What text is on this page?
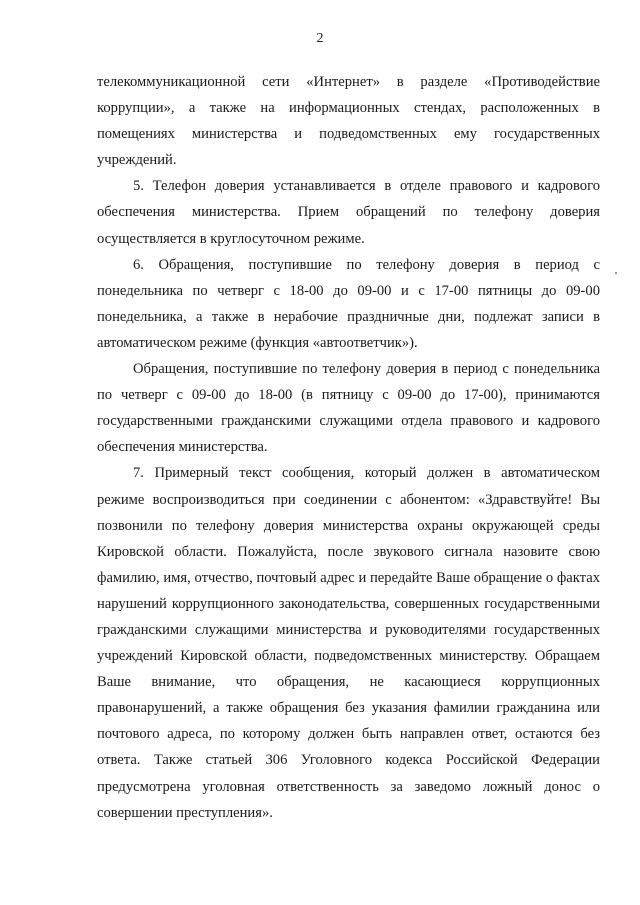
2

телекоммуникационной сети «Интернет» в разделе «Противодействие коррупции», а также на информационных стендах, расположенных в помещениях министерства и подведомственных ему государственных учреждений.

5. Телефон доверия устанавливается в отделе правового и кадрового обеспечения министерства. Прием обращений по телефону доверия осуществляется в круглосуточном режиме.

6. Обращения, поступившие по телефону доверия в период с понедельника по четверг с 18-00 до 09-00 и с 17-00 пятницы до 09-00 понедельника, а также в нерабочие праздничные дни, подлежат записи в автоматическом режиме (функция «автоответчик»).

Обращения, поступившие по телефону доверия в период с понедельника по четверг с 09-00 до 18-00 (в пятницу с 09-00 до 17-00), принимаются государственными гражданскими служащими отдела правового и кадрового обеспечения министерства.

7. Примерный текст сообщения, который должен в автоматическом режиме воспроизводиться при соединении с абонентом: «Здравствуйте! Вы позвонили по телефону доверия министерства охраны окружающей среды Кировской области. Пожалуйста, после звукового сигнала назовите свою фамилию, имя, отчество, почтовый адрес и передайте Ваше обращение о фактах нарушений коррупционного законодательства, совершенных государственными гражданскими служащими министерства и руководителями государственных учреждений Кировской области, подведомственных министерству. Обращаем Ваше внимание, что обращения, не касающиеся коррупционных правонарушений, а также обращения без указания фамилии гражданина или почтового адреса, по которому должен быть направлен ответ, остаются без ответа. Также статьей 306 Уголовного кодекса Российской Федерации предусмотрена уголовная ответственность за заведомо ложный донос о совершении преступления».
